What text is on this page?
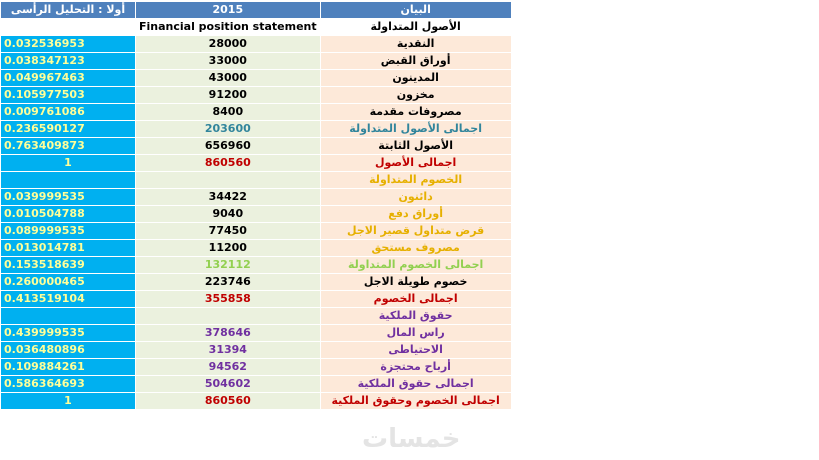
أولا : التحليل الرأسى	2015	البيان
	Financial position statement	الأصول المتداولة
0.032536953	28000	النقدية
0.038347123	33000	أوراق القبض
0.049967463	43000	المدينون
0.105977503	91200	مخزون
0.009761086	8400	مصروفات مقدمة
0.236590127	203600	اجمالى الأصول المتداولة
0.763409873	656960	الأصول الثابتة
1	860560	اجمالى الأصول
		الخصوم المتداولة
0.039999535	34422	دائنون
0.010504788	9040	أوراق دفع
0.089999535	77450	قرض متداول قصير الاجل
0.013014781	11200	مصروف مستحق
0.153518639	132112	اجمالى الخصوم المتداولة
0.260000465	223746	خصوم طويلة الاجل
0.413519104	355858	اجمالى الخصوم
		حقوق الملكية
0.439999535	378646	راس المال
0.036480896	31394	الاحتياطى
0.109884261	94562	أرباح محتجزة
0.586364693	504602	اجمالى حقوق الملكية
1	860560	اجمالى الخصوم وحقوق الملكية
خمسات
